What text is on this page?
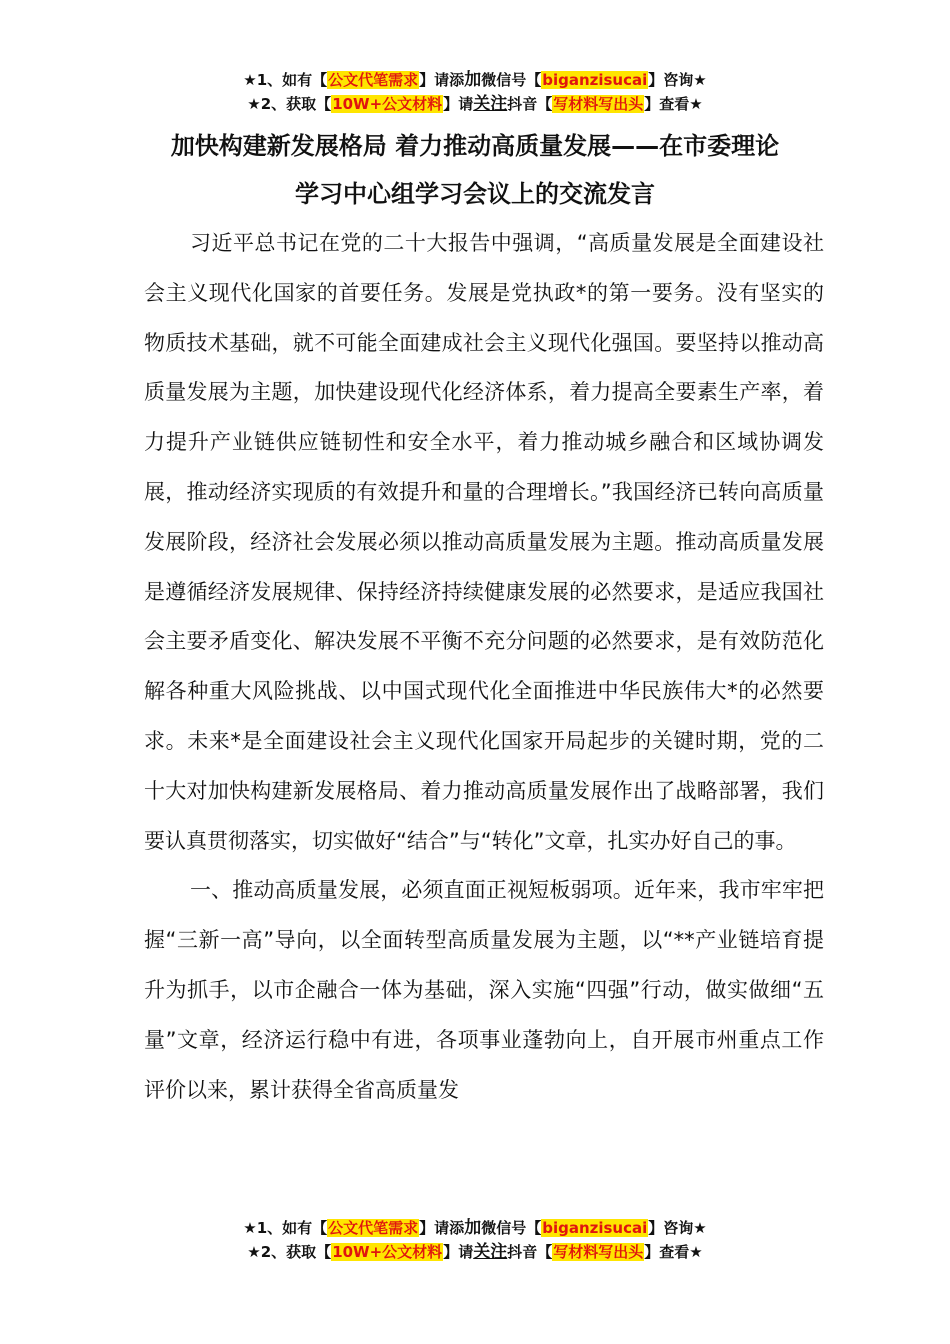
★1、如有【公文代笔需求】请添加微信号【biganzisucai】咨询★
★2、获取【10W+公文材料】请关注抖音【写材料写出头】查看★
加快构建新发展格局 着力推动高质量发展——在市委理论
学习中心组学习会议上的交流发言

习近平总书记在党的二十大报告中强调，“高质量发展是全面建设社会主义现代化国家的首要任务。发展是党执政*的第一要务。没有坚实的物质技术基础，就不可能全面建成社会主义现代化强国。要坚持以推动高质量发展为主题，加快建设现代化经济体系，着力提高全要素生产率，着力提升产业链供应链韧性和安全水平，着力推动城乡融合和区域协调发展，推动经济实现质的有效提升和量的合理增长。”我国经济已转向高质量发展阶段，经济社会发展必须以推动高质量发展为主题。推动高质量发展是遵循经济发展规律、保持经济持续健康发展的必然要求，是适应我国社会主要矛盾变化、解决发展不平衡不充分问题的必然要求，是有效防范化解各种重大风险挑战、以中国式现代化全面推进中华民族伟大*的必然要求。未来*是全面建设社会主义现代化国家开局起步的关键时期，党的二十大对加快构建新发展格局、着力推动高质量发展作出了战略部署，我们要认真贯彻落实，切实做好“结合”与“转化”文章，扎实办好自己的事。

一、推动高质量发展，必须直面正视短板弱项。近年来，我市牢牢把握“三新一高”导向，以全面转型高质量发展为主题，以“**产业链培育提升为抓手，以市企融合一体为基础，深入实施“四强”行动，做实做细“五量”文章，经济运行稳中有进，各项事业蓬勃向上，自开展市州重点工作评价以来，累计获得全省高质量发

★1、如有【公文代笔需求】请添加微信号【biganzisucai】咨询★
★2、获取【10W+公文材料】请关注抖音【写材料写出头】查看★
